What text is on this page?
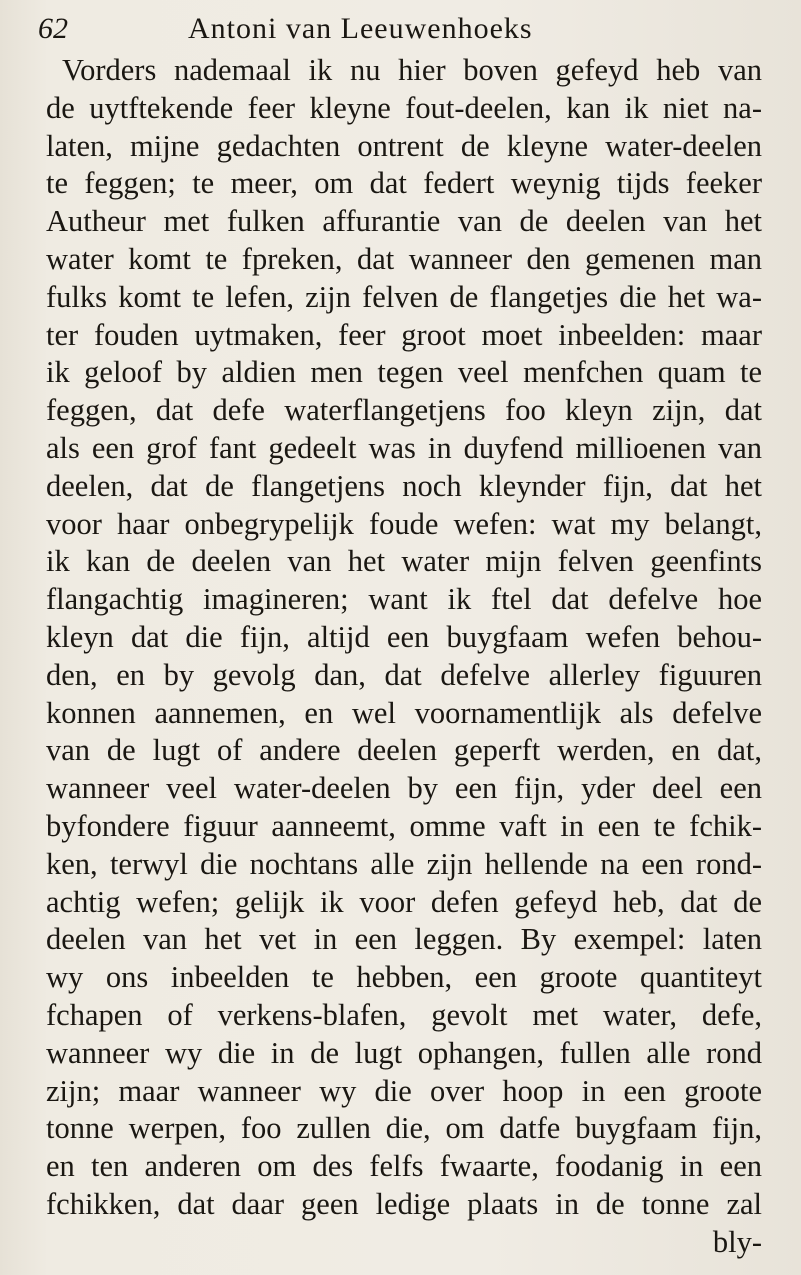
62	Antoni van Leeuwenhoeks
Vorders nademaal ik nu hier boven gefeyd heb van
de uytftekende feer kleyne fout-deelen, kan ik niet na-
laten, mijne gedachten ontrent de kleyne water-deelen
te feggen; te meer, om dat federt weynig tijds feeker
Autheur met fulken affurantie van de deelen van het
water komt te fpreken, dat wanneer den gemenen man
fulks komt te lefen, zijn felven de flangetjes die het wa-
ter fouden uytmaken, feer groot moet inbeelden: maar
ik geloof by aldien men tegen veel menfchen quam te
feggen, dat defe waterflangetjens foo kleyn zijn, dat
als een grof fant gedeelt was in duyfend millioenen van
deelen, dat de flangetjens noch kleynder fijn, dat het
voor haar onbegrypelijk foude wefen: wat my belangt,
ik kan de deelen van het water mijn felven geenfints
flangachtig imagineren; want ik ftel dat defelve hoe
kleyn dat die fijn, altijd een buygfaam wefen behou-
den, en by gevolg dan, dat defelve allerley figuuren
konnen aannemen, en wel voornamentlijk als defelve
van de lugt of andere deelen geperft werden, en dat,
wanneer veel water-deelen by een fijn, yder deel een
byfondere figuur aanneemt, omme vaft in een te fchik-
ken, terwyl die nochtans alle zijn hellende na een rond-
achtig wefen; gelijk ik voor defen gefeyd heb, dat de
deelen van het vet in een leggen. By exempel: laten
wy ons inbeelden te hebben, een groote quantiteyt
fchapen of verkens-blafen, gevolt met water, defe,
wanneer wy die in de lugt ophangen, fullen alle rond
zijn; maar wanneer wy die over hoop in een groote
tonne werpen, foo zullen die, om datfe buygfaam fijn,
en ten anderen om des felfs fwaarte, foodanig in een
fchikken, dat daar geen ledige plaats in de tonne zal
bly-
